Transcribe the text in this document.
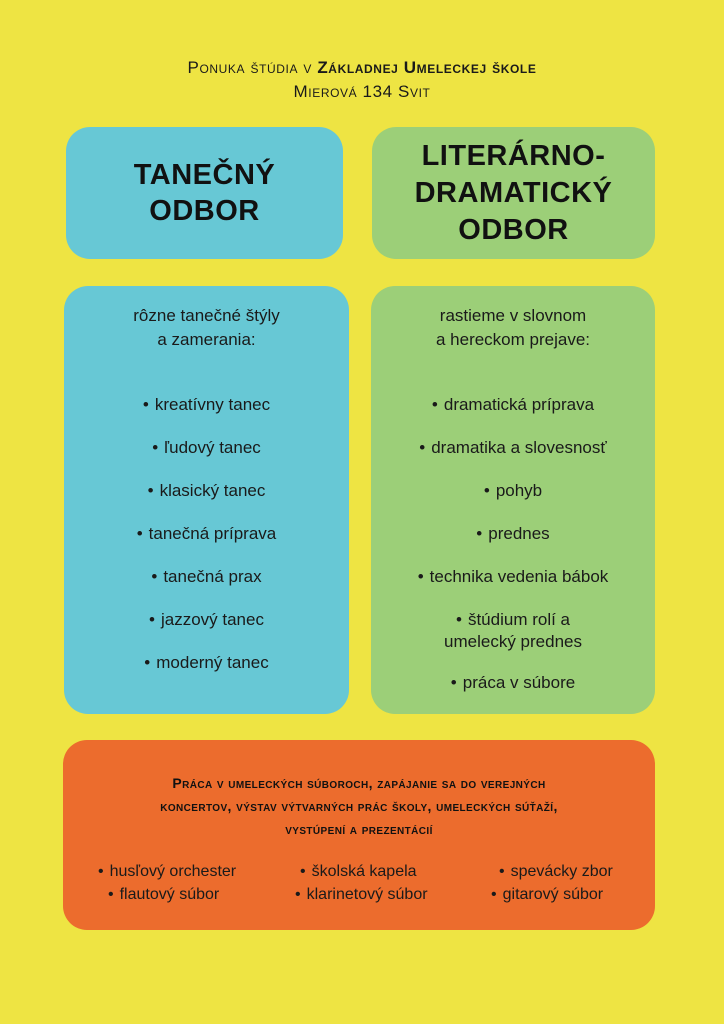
Ponuka štúdia v Základnej Umeleckej škole
Mierová 134 Svit
TANEČNÝ
ODBOR
LITERÁRNO-
DRAMATICKÝ
ODBOR
rôzne tanečné štýly
a zamerania:
• kreatívny tanec
• ľudový tanec
• klasický tanec
• tanečná príprava
• tanečná prax
• jazzový tanec
• moderný tanec
rastieme v slovnom
a hereckom prejave:
• dramatická príprava
• dramatika a slovesnosť
• pohyb
• prednes
• technika vedenia bábok
• štúdium rolí a
umelecký prednes
• práca v súbore
Práca v umeleckých súboroch, zapájanie sa do verejných
koncertov, výstav výtvarných prác školy, umeleckých súťaží,
vystúpení a prezentácií
• husľový orchester	• školská kapela	• spevácky zbor
• flautový súbor	• klarinetový súbor	• gitarový súbor
